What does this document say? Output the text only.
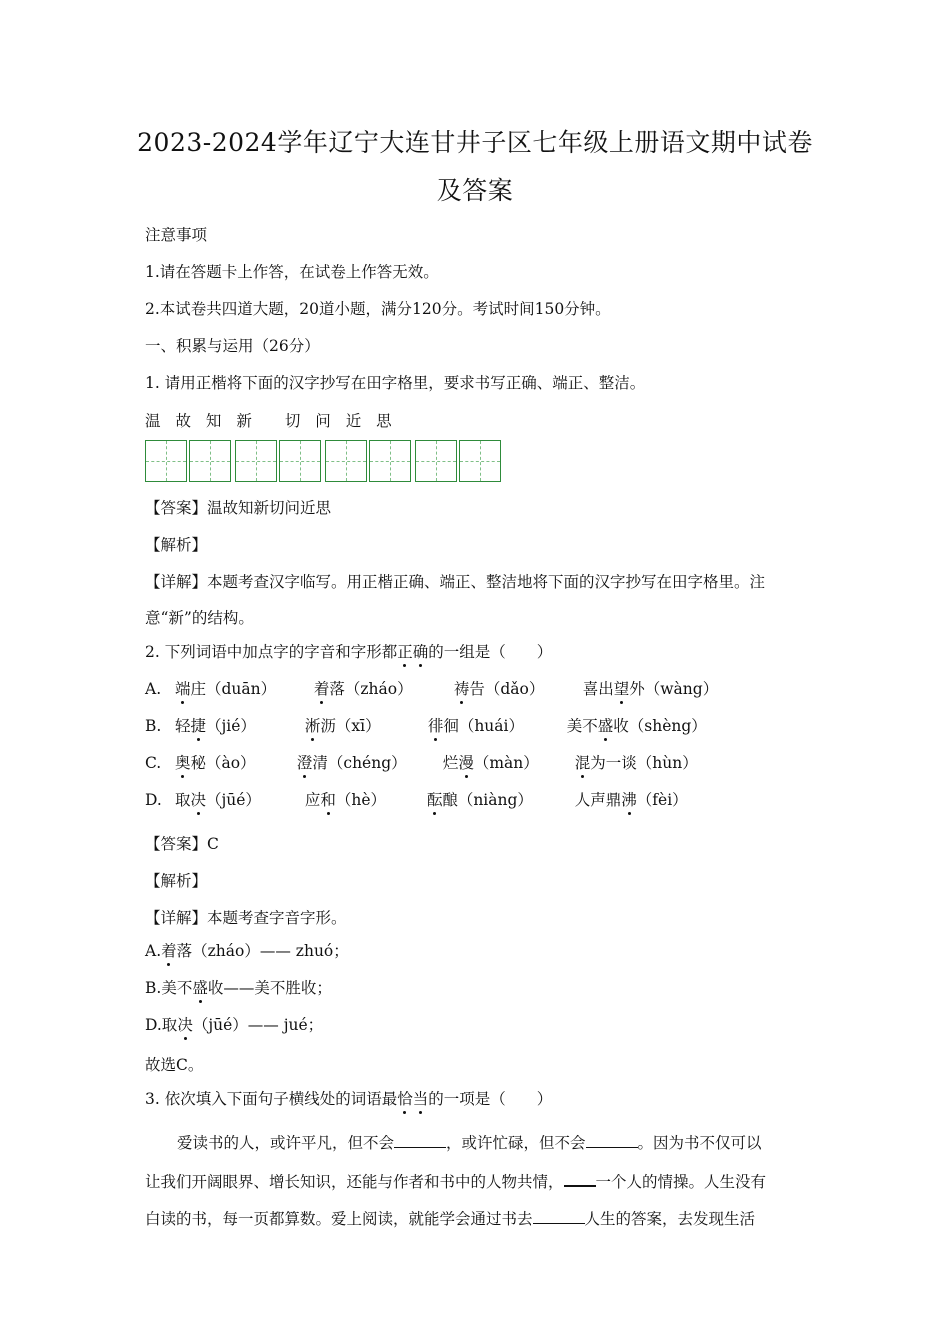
2023-2024学年辽宁大连甘井子区七年级上册语文期中试卷
及答案
注意事项
1.请在答题卡上作答，在试卷上作答无效。
2.本试卷共四道大题，20道小题，满分120分。考试时间150分钟。
一、积累与运用（26分）
1. 请用正楷将下面的汉字抄写在田字格里，要求书写正确、端正、整洁。
温 故 知 新 切 问 近 思
【答案】温故知新切问近思
【解析】
【详解】本题考查汉字临写。用正楷正确、端正、整洁地将下面的汉字抄写在田字格里。注
意“新”的结构。
2. 下列词语中加点字的字音和字形都正确的一组是（　　）
A. 端庄（duān） 着落（zháo）	祷告（dǎo） 喜出望外（wàng）
B. 轻捷（jié）	淅沥（xī）	徘徊（huái）	美不盛收（shèng）
C. 奥秘（ào）	澄清（chéng） 烂漫（màn） 混为一谈（hùn）
D. 取决（jūé）	应和（hè）	酝酿（niàng）	人声鼎沸（fèi）
【答案】C
【解析】
【详解】本题考查字音字形。
A.着落（zháo）—— zhuó；
B.美不盛收——美不胜收；
D.取决（jūé）—— jué；
故选C。
3. 依次填入下面句子横线处的词语最恰当的一项是（　　）
爱读书的人，或许平凡，但不会	，或许忙碌，但不会	。因为书不仅可以
让我们开阔眼界、增长知识，还能与作者和书中的人物共情， 一个人的情操。人生没有
白读的书，每一页都算数。爱上阅读，就能学会通过书去	人生的答案，去发现生活
